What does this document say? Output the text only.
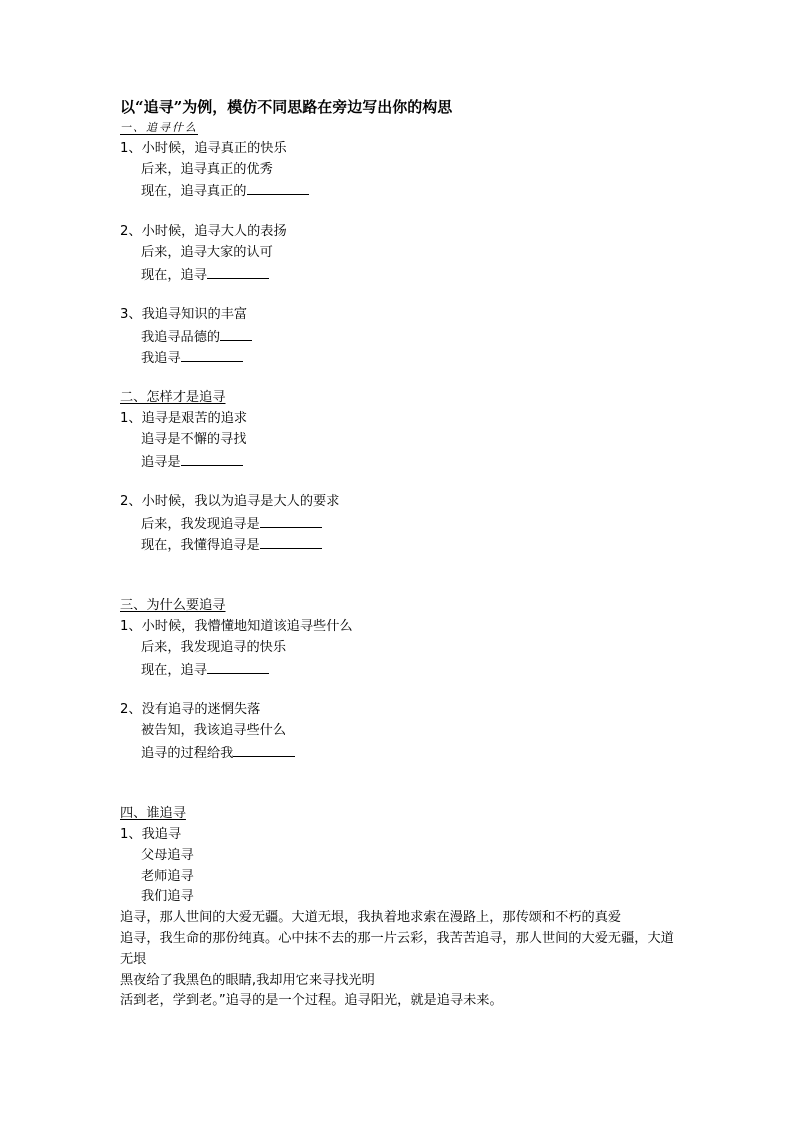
以“追寻”为例，模仿不同思路在旁边写出你的构思
一、追寻什么
1、小时候，追寻真正的快乐
后来，追寻真正的优秀
现在，追寻真正的
2、小时候，追寻大人的表扬
后来，追寻大家的认可
现在，追寻
3、我追寻知识的丰富
我追寻品德的
我追寻
二、怎样才是追寻
1、追寻是艰苦的追求
追寻是不懈的寻找
追寻是
2、小时候，我以为追寻是大人的要求
后来，我发现追寻是
现在，我懂得追寻是
三、为什么要追寻
1、小时候，我懵懂地知道该追寻些什么
后来，我发现追寻的快乐
现在，追寻
2、没有追寻的迷惘失落
被告知，我该追寻些什么
追寻的过程给我
四、谁追寻
1、我追寻
父母追寻
老师追寻
我们追寻

追寻，那人世间的大爱无疆。大道无垠，我执着地求索在漫路上，那传颂和不朽的真爱

追寻，我生命的那份纯真。心中抹不去的那一片云彩，我苦苦追寻，那人世间的大爱无疆，大道无垠

黑夜给了我黑色的眼睛,我却用它来寻找光明

活到老，学到老。”追寻的是一个过程。追寻阳光，就是追寻未来。
